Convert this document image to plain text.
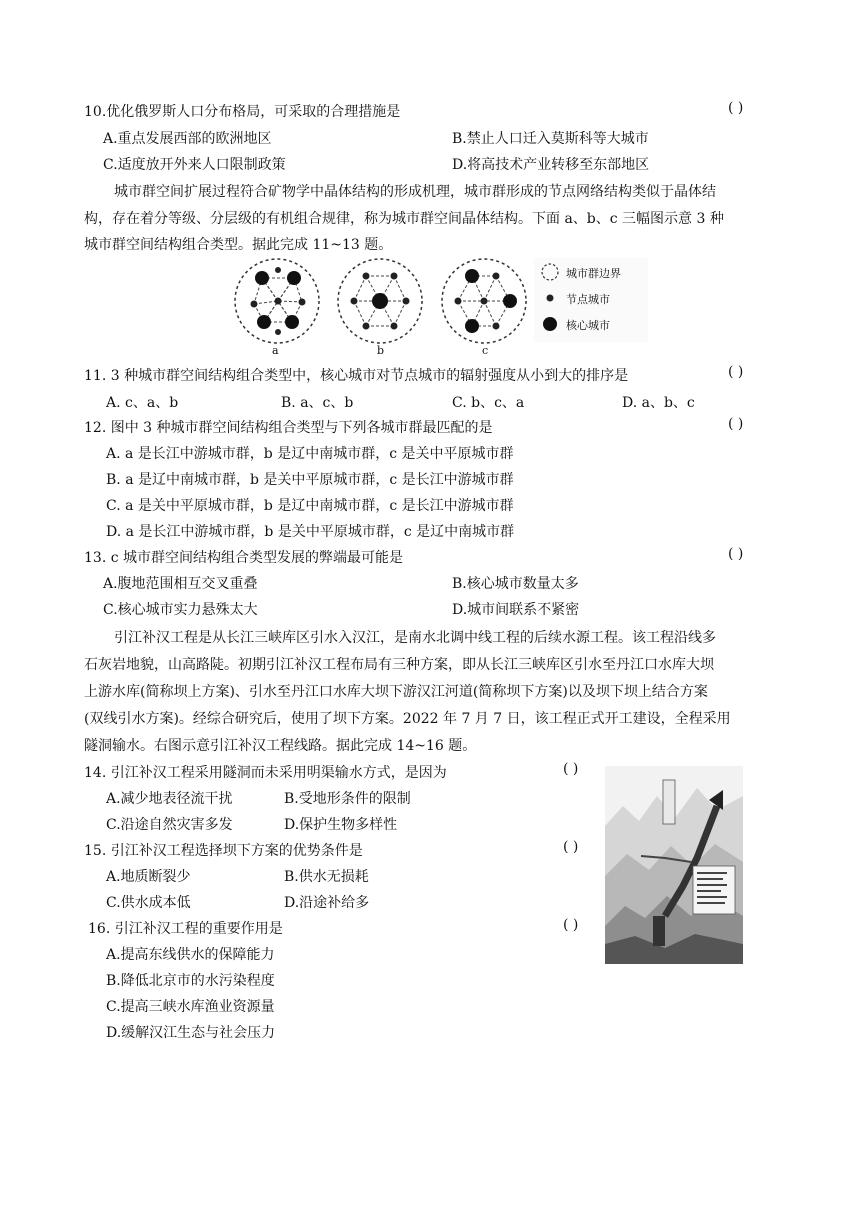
10.优化俄罗斯人口分布格局，可采取的合理措施是	( )
A.重点发展西部的欧洲地区	B.禁止人口迁入莫斯科等大城市
C.适度放开外来人口限制政策	D.将高技术产业转移至东部地区
城市群空间扩展过程符合矿物学中晶体结构的形成机理，城市群形成的节点网络结构类似于晶体结
构，存在着分等级、分层级的有机组合规律，称为城市群空间晶体结构。下面 a、b、c 三幅图示意 3 种
城市群空间结构组合类型。据此完成 11~13 题。
城市群边界
节点城市
核心城市
a	b	c
11. 3 种城市群空间结构组合类型中，核心城市对节点城市的辐射强度从小到大的排序是	( )
A. c、a、b	B. a、c、b	C. b、c、a	D. a、b、c
12. 图中 3 种城市群空间结构组合类型与下列各城市群最匹配的是	( )
A. a 是长江中游城市群，b 是辽中南城市群，c 是关中平原城市群
B. a 是辽中南城市群，b 是关中平原城市群，c 是长江中游城市群
C. a 是关中平原城市群，b 是辽中南城市群，c 是长江中游城市群
D. a 是长江中游城市群，b 是关中平原城市群，c 是辽中南城市群
13. c 城市群空间结构组合类型发展的弊端最可能是	( )
A.腹地范围相互交叉重叠	B.核心城市数量太多
C.核心城市实力悬殊太大	D.城市间联系不紧密
引江补汉工程是从长江三峡库区引水入汉江，是南水北调中线工程的后续水源工程。该工程沿线多
石灰岩地貌，山高路陡。初期引江补汉工程布局有三种方案，即从长江三峡库区引水至丹江口水库大坝
上游水库(简称坝上方案)、引水至丹江口水库大坝下游汉江河道(简称坝下方案)以及坝下坝上结合方案
(双线引水方案)。经综合研究后，使用了坝下方案。2022 年 7 月 7 日，该工程正式开工建设，全程采用
隧洞输水。右图示意引江补汉工程线路。据此完成 14~16 题。
14. 引江补汉工程采用隧洞而未采用明渠输水方式，是因为	( )
A.减少地表径流干扰	B.受地形条件的限制
C.沿途自然灾害多发	D.保护生物多样性
15. 引江补汉工程选择坝下方案的优势条件是	( )
A.地质断裂少	B.供水无损耗
C.供水成本低	D.沿途补给多
16. 引江补汉工程的重要作用是	( )
A.提高东线供水的保障能力
B.降低北京市的水污染程度
C.提高三峡水库渔业资源量
D.缓解汉江生态与社会压力
